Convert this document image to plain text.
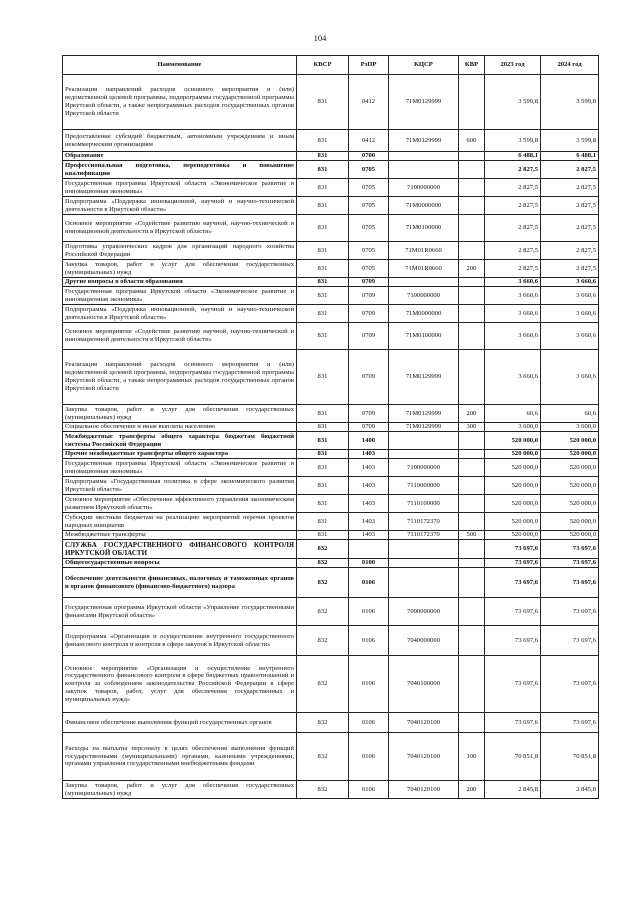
104
Наименование	КВСР	РзПР	КЦСР	КВР	2023 год	2024 год
Реализация направлений расходов основного мероприятия и (или) ведомственной целевой программы, подпрограммы государственной программы Иркутской области, а также непрограммных расходов государственных органов Иркутской области	831	0412	71М0129999		3 599,8	3 599,8
Предоставление субсидий бюджетным, автономным учреждениям и иным некоммерческим организациям	831	0412	71М0129999	600	3 599,8	3 599,8
Образование	831	0700			6 488,1	6 488,1
Профессиональная подготовка, переподготовка и повышение квалификации	831	0705			2 827,5	2 827,5
Государственная программа Иркутской области «Экономическое развитие и инновационная экономика»	831	0705	7100000000		2 827,5	2 827,5
Подпрограмма «Поддержка инновационной, научной и научно-технической деятельности в Иркутской области»	831	0705	71М0000000		2 827,5	2 827,5
Основное мероприятие «Содействие развитию научной, научно-технической и инновационной деятельности в Иркутской области»	831	0705	71М0100000		2 827,5	2 827,5
Подготовка управленческих кадров для организаций народного хозяйства Российской Федерации	831	0705	71М01R0660		2 827,5	2 827,5
Закупка товаров, работ и услуг для обеспечения государственных (муниципальных) нужд	831	0705	71М01R0660	200	2 827,5	2 827,5
Другие вопросы в области образования	831	0709			3 660,6	3 660,6
Государственная программа Иркутской области «Экономическое развитие и инновационная экономика»	831	0709	7100000000		3 660,6	3 660,6
Подпрограмма «Поддержка инновационной, научной и научно-технической деятельности в Иркутской области»	831	0709	71М0000000		3 660,6	3 660,6
Основное мероприятие «Содействие развитию научной, научно-технической и инновационной деятельности в Иркутской области»	831	0709	71М0100000		3 660,6	3 660,6
Реализация направлений расходов основного мероприятия и (или) ведомственной целевой программы, подпрограммы государственной программы Иркутской области, а также непрограммных расходов государственных органов Иркутской области	831	0709	71М0129999		3 660,6	3 660,6
Закупка товаров, работ и услуг для обеспечения государственных (муниципальных) нужд	831	0709	71М0129999	200	60,6	60,6
Социальное обеспечение и иные выплаты населению	831	0709	71М0129999	300	3 600,0	3 600,0
Межбюджетные трансферты общего характера бюджетам бюджетной системы Российской Федерации	831	1400			520 000,0	520 000,0
Прочие межбюджетные трансферты общего характера	831	1403			520 000,0	520 000,0
Государственная программа Иркутской области «Экономическое развитие и инновационная экономика»	831	1403	7100000000		520 000,0	520 000,0
Подпрограмма «Государственная политика в сфере экономического развития Иркутской области»	831	1403	7110000000		520 000,0	520 000,0
Основное мероприятие «Обеспечение эффективного управления экономическим развитием Иркутской области»	831	1403	7110100000		520 000,0	520 000,0
Субсидии местным бюджетам на реализацию мероприятий перечня проектов народных инициатив	831	1403	7110172370		520 000,0	520 000,0
Межбюджетные трансферты	831	1403	7110172370	500	520 000,0	520 000,0
СЛУЖБА ГОСУДАРСТВЕННОГО ФИНАНСОВОГО КОНТРОЛЯ ИРКУТСКОЙ ОБЛАСТИ	832				73 697,6	73 697,6
Общегосударственные вопросы	832	0100			73 697,6	73 697,6
Обеспечение деятельности финансовых, налоговых и таможенных органов и органов финансового (финансово-бюджетного) надзора	832	0106			73 697,6	73 697,6
Государственная программа Иркутской области «Управление государственными финансами Иркутской области»	832	0106	7000000000		73 697,6	73 697,6
Подпрограмма «Организация и осуществление внутреннего государственного финансового контроля и контроля в сфере закупок в Иркутской области»	832	0106	7040000000		73 697,6	73 697,6
Основное мероприятие «Организация и осуществление внутреннего государственного финансового контроля в сфере бюджетных правоотношений и контроля за соблюдением законодательства Российской Федерации в сфере закупок товаров, работ, услуг для обеспечения государственных и муниципальных нужд»	832	0106	7040100000		73 697,6	73 697,6
Финансовое обеспечение выполнения функций государственных органов	832	0106	7040120100		73 697,6	73 697,6
Расходы на выплаты персоналу в целях обеспечения выполнения функций государственными (муниципальными) органами, казенными учреждениями, органами управления государственными внебюджетными фондами	832	0106	7040120100	100	70 851,8	70 851,8
Закупка товаров, работ и услуг для обеспечения государственных (муниципальных) нужд	832	0106	7040120100	200	2 845,8	2 845,8
